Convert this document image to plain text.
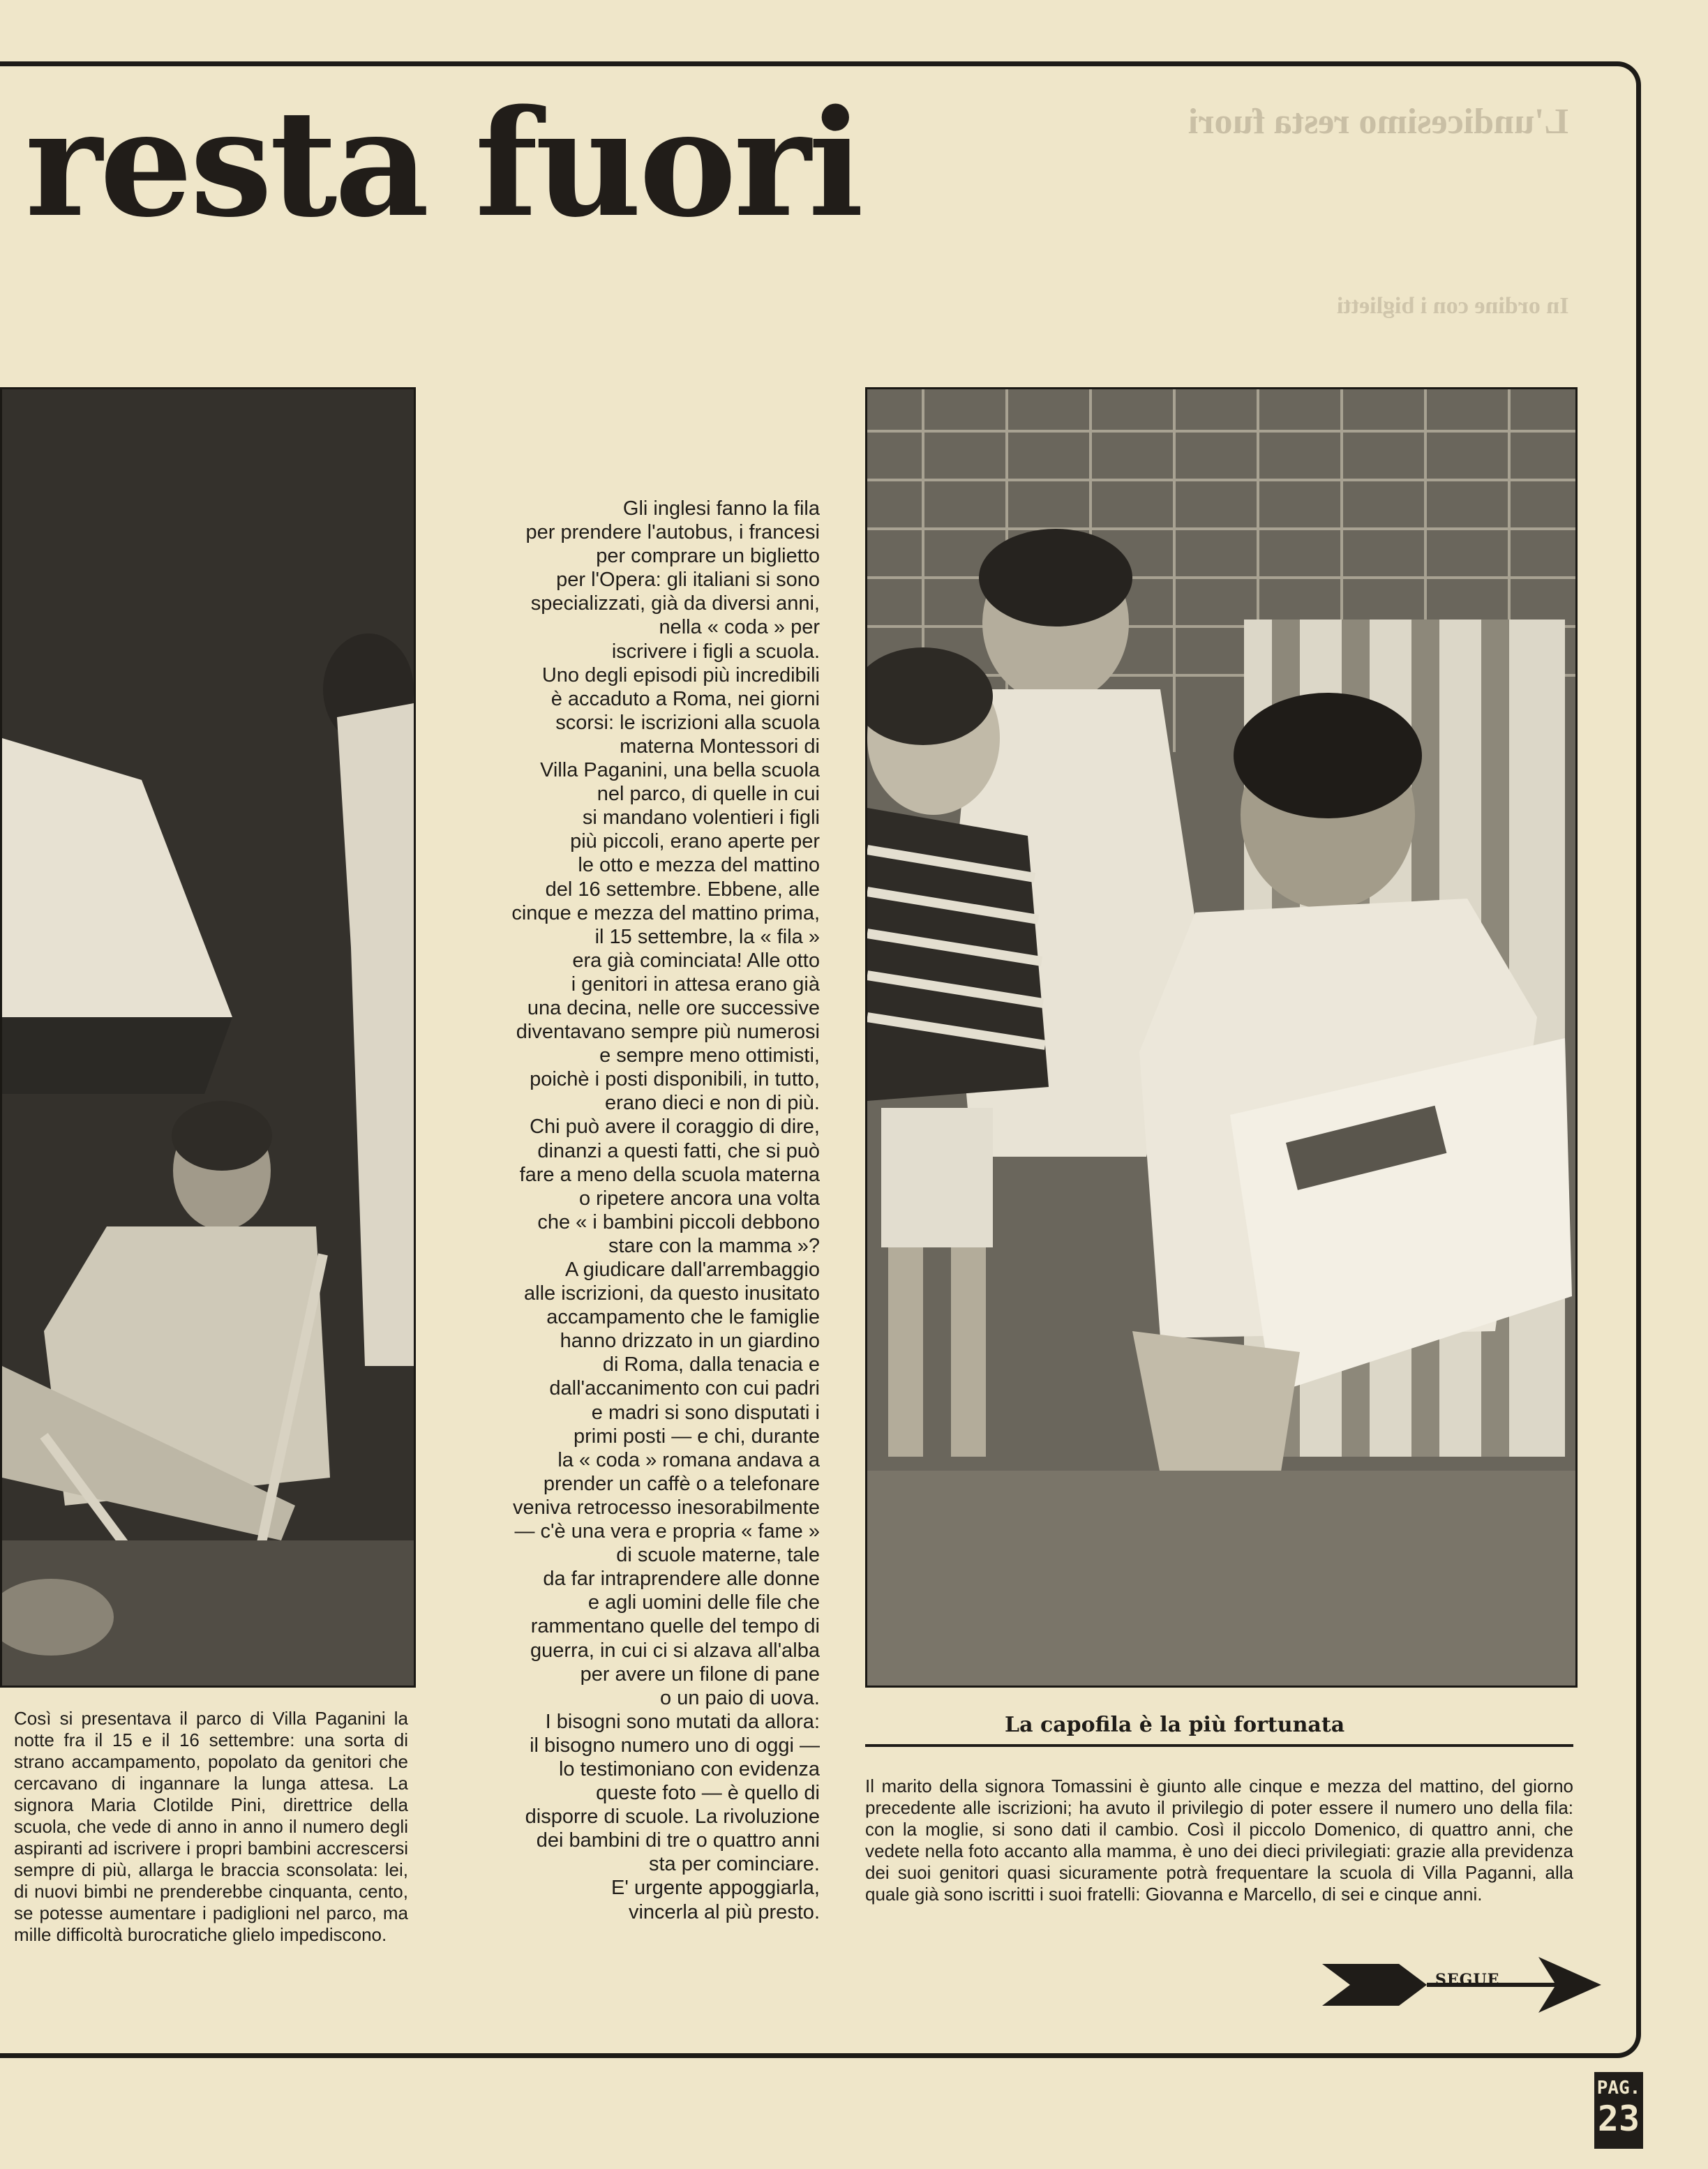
L'undicesimo resta fuori
In ordine con i biglietti
resta fuori

Gli inglesi fanno la fila

per prendere l'autobus, i francesi

per comprare un biglietto

per l'Opera: gli italiani si sono

specializzati, già da diversi anni,

nella « coda » per

iscrivere i figli a scuola.

Uno degli episodi più incredibili

è accaduto a Roma, nei giorni

scorsi: le iscrizioni alla scuola

materna Montessori di

Villa Paganini, una bella scuola

nel parco, di quelle in cui

si mandano volentieri i figli

più piccoli, erano aperte per

le otto e mezza del mattino

del 16 settembre. Ebbene, alle

cinque e mezza del mattino prima,

il 15 settembre, la « fila »

era già cominciata! Alle otto

i genitori in attesa erano già

una decina, nelle ore successive

diventavano sempre più numerosi

e sempre meno ottimisti,

poichè i posti disponibili, in tutto,

erano dieci e non di più.

Chi può avere il coraggio di dire,

dinanzi a questi fatti, che si può

fare a meno della scuola materna

o ripetere ancora una volta

che « i bambini piccoli debbono

stare con la mamma »?

A giudicare dall'arrembaggio

alle iscrizioni, da questo inusitato

accampamento che le famiglie

hanno drizzato in un giardino

di Roma, dalla tenacia e

dall'accanimento con cui padri

e madri si sono disputati i

primi posti — e chi, durante

la « coda » romana andava a

prender un caffè o a telefonare

veniva retrocesso inesorabilmente

— c'è una vera e propria « fame »

di scuole materne, tale

da far intraprendere alle donne

e agli uomini delle file che

rammentano quelle del tempo di

guerra, in cui ci si alzava all'alba

per avere un filone di pane

o un paio di uova.

I bisogni sono mutati da allora:

il bisogno numero uno di oggi —

lo testimoniano con evidenza

queste foto — è quello di

disporre di scuole. La rivoluzione

dei bambini di tre o quattro anni

sta per cominciare.

E' urgente appoggiarla,

vincerla al più presto.

Così si presentava il parco di Villa Paganini la notte fra il 15 e il 16 settembre: una sorta di strano accampamento, popolato da genitori che cercavano di ingannare la lunga attesa. La signora Maria Clotilde Pini, direttrice della scuola, che vede di anno in anno il numero degli aspiranti ad iscrivere i propri bambini accrescersi sempre di più, allarga le braccia sconsolata: lei, di nuovi bimbi ne prenderebbe cinquanta, cento, se potesse aumentare i padiglioni nel parco, ma mille difficoltà burocratiche glielo impediscono.
La capofila è la più fortunata
Il marito della signora Tomassini è giunto alle cinque e mezza del mattino, del giorno precedente alle iscrizioni; ha avuto il privilegio di poter essere il numero uno della fila: con la moglie, si sono dati il cambio. Così il piccolo Domenico, di quattro anni, che vedete nella foto accanto alla mamma, è uno dei dieci privilegiati: grazie alla previdenza dei suoi genitori quasi sicuramente potrà frequentare la scuola di Villa Paganni, alla quale già sono iscritti i suoi fratelli: Giovanna e Marcello, di sei e cinque anni.

SEGUE

PAG.
23
